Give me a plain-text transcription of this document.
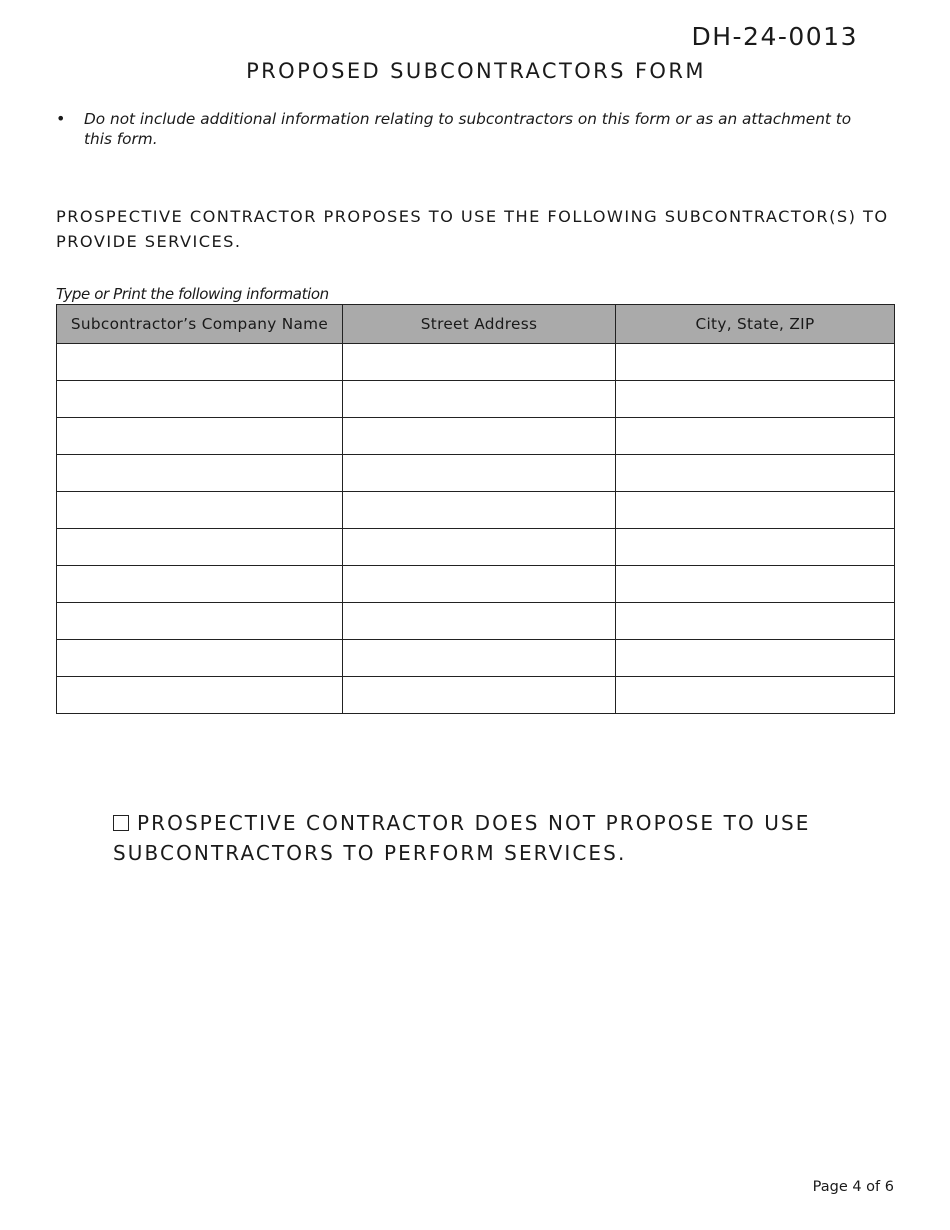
DH-24-0013
PROPOSED SUBCONTRACTORS FORM
• Do not include additional information relating to subcontractors on this form or as an attachment to this form.
PROSPECTIVE CONTRACTOR PROPOSES TO USE THE FOLLOWING SUBCONTRACTOR(S) TO PROVIDE SERVICES.
Type or Print the following information
Subcontractor’s Company Name	Street Address	City, State, ZIP

PROSPECTIVE CONTRACTOR DOES NOT PROPOSE TO USE SUBCONTRACTORS TO PERFORM SERVICES.
Page 4 of 6
